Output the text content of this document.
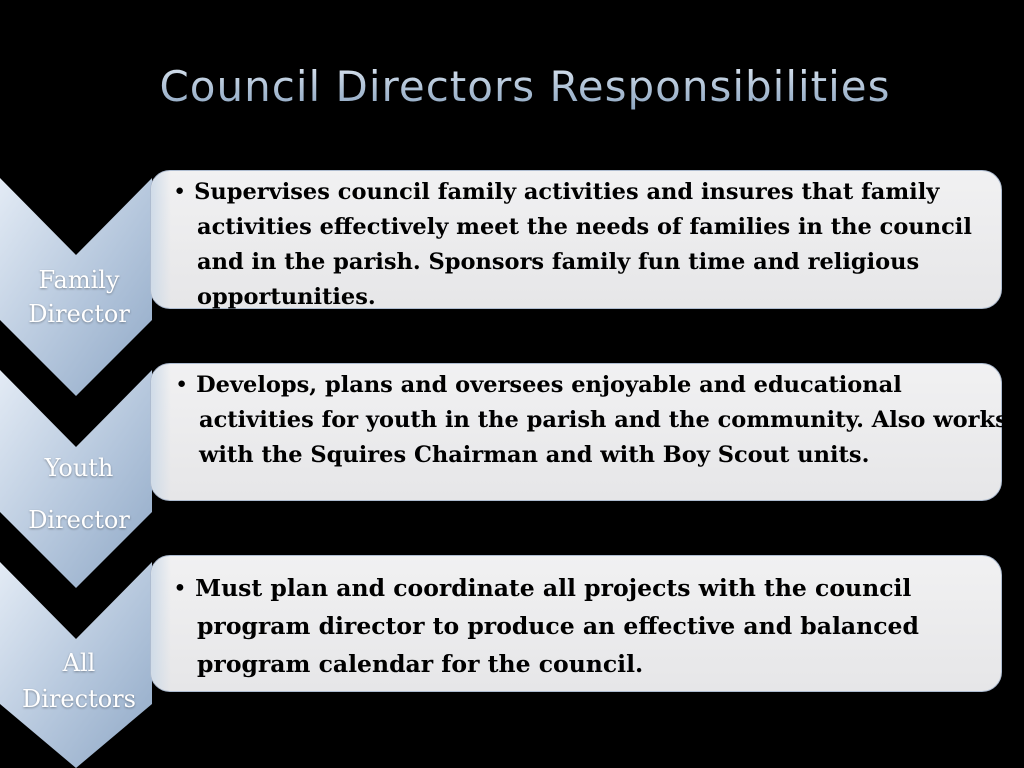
Council Directors Responsibilities
Family
Director
Youth
Director
All
Directors

• Supervises council family activities and insures that family activities effectively meet the needs of families in the council and in the parish. Sponsors family fun time and religious opportunities.

• Develops, plans and oversees enjoyable and educational activities for youth in the parish and the community. Also works with the Squires Chairman and with Boy Scout units.

• Must plan and coordinate all projects with the council program director to produce an effective and balanced program calendar for the council.
